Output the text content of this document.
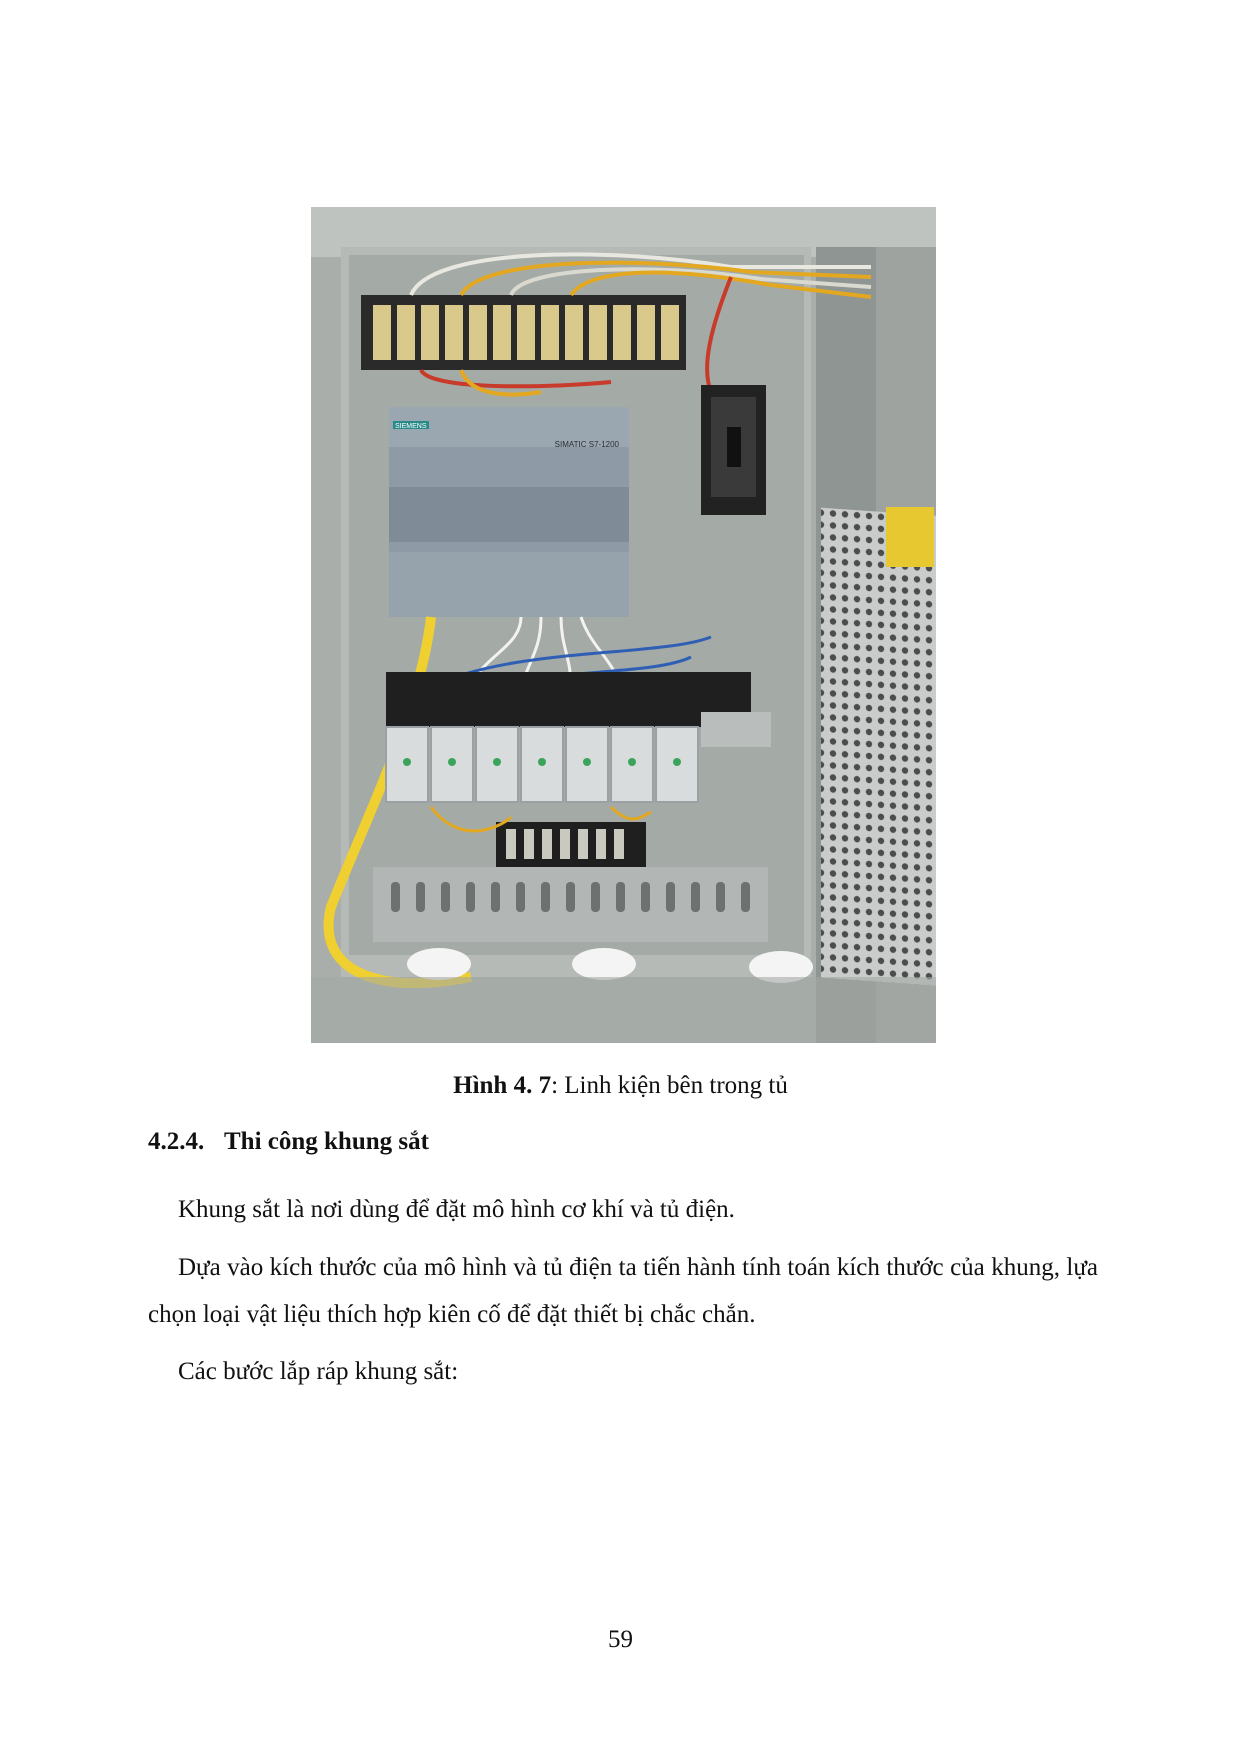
SIEMENS
SIMATIC S7-1200
Hình 4. 7: Linh kiện bên trong tủ
4.2.4. Thi công khung sắt
Khung sắt là nơi dùng để đặt mô hình cơ khí và tủ điện.
Dựa vào kích thước của mô hình và tủ điện ta tiến hành tính toán kích thước của khung, lựa chọn loại vật liệu thích hợp kiên cố để đặt thiết bị chắc chắn.
Các bước lắp ráp khung sắt:
59
